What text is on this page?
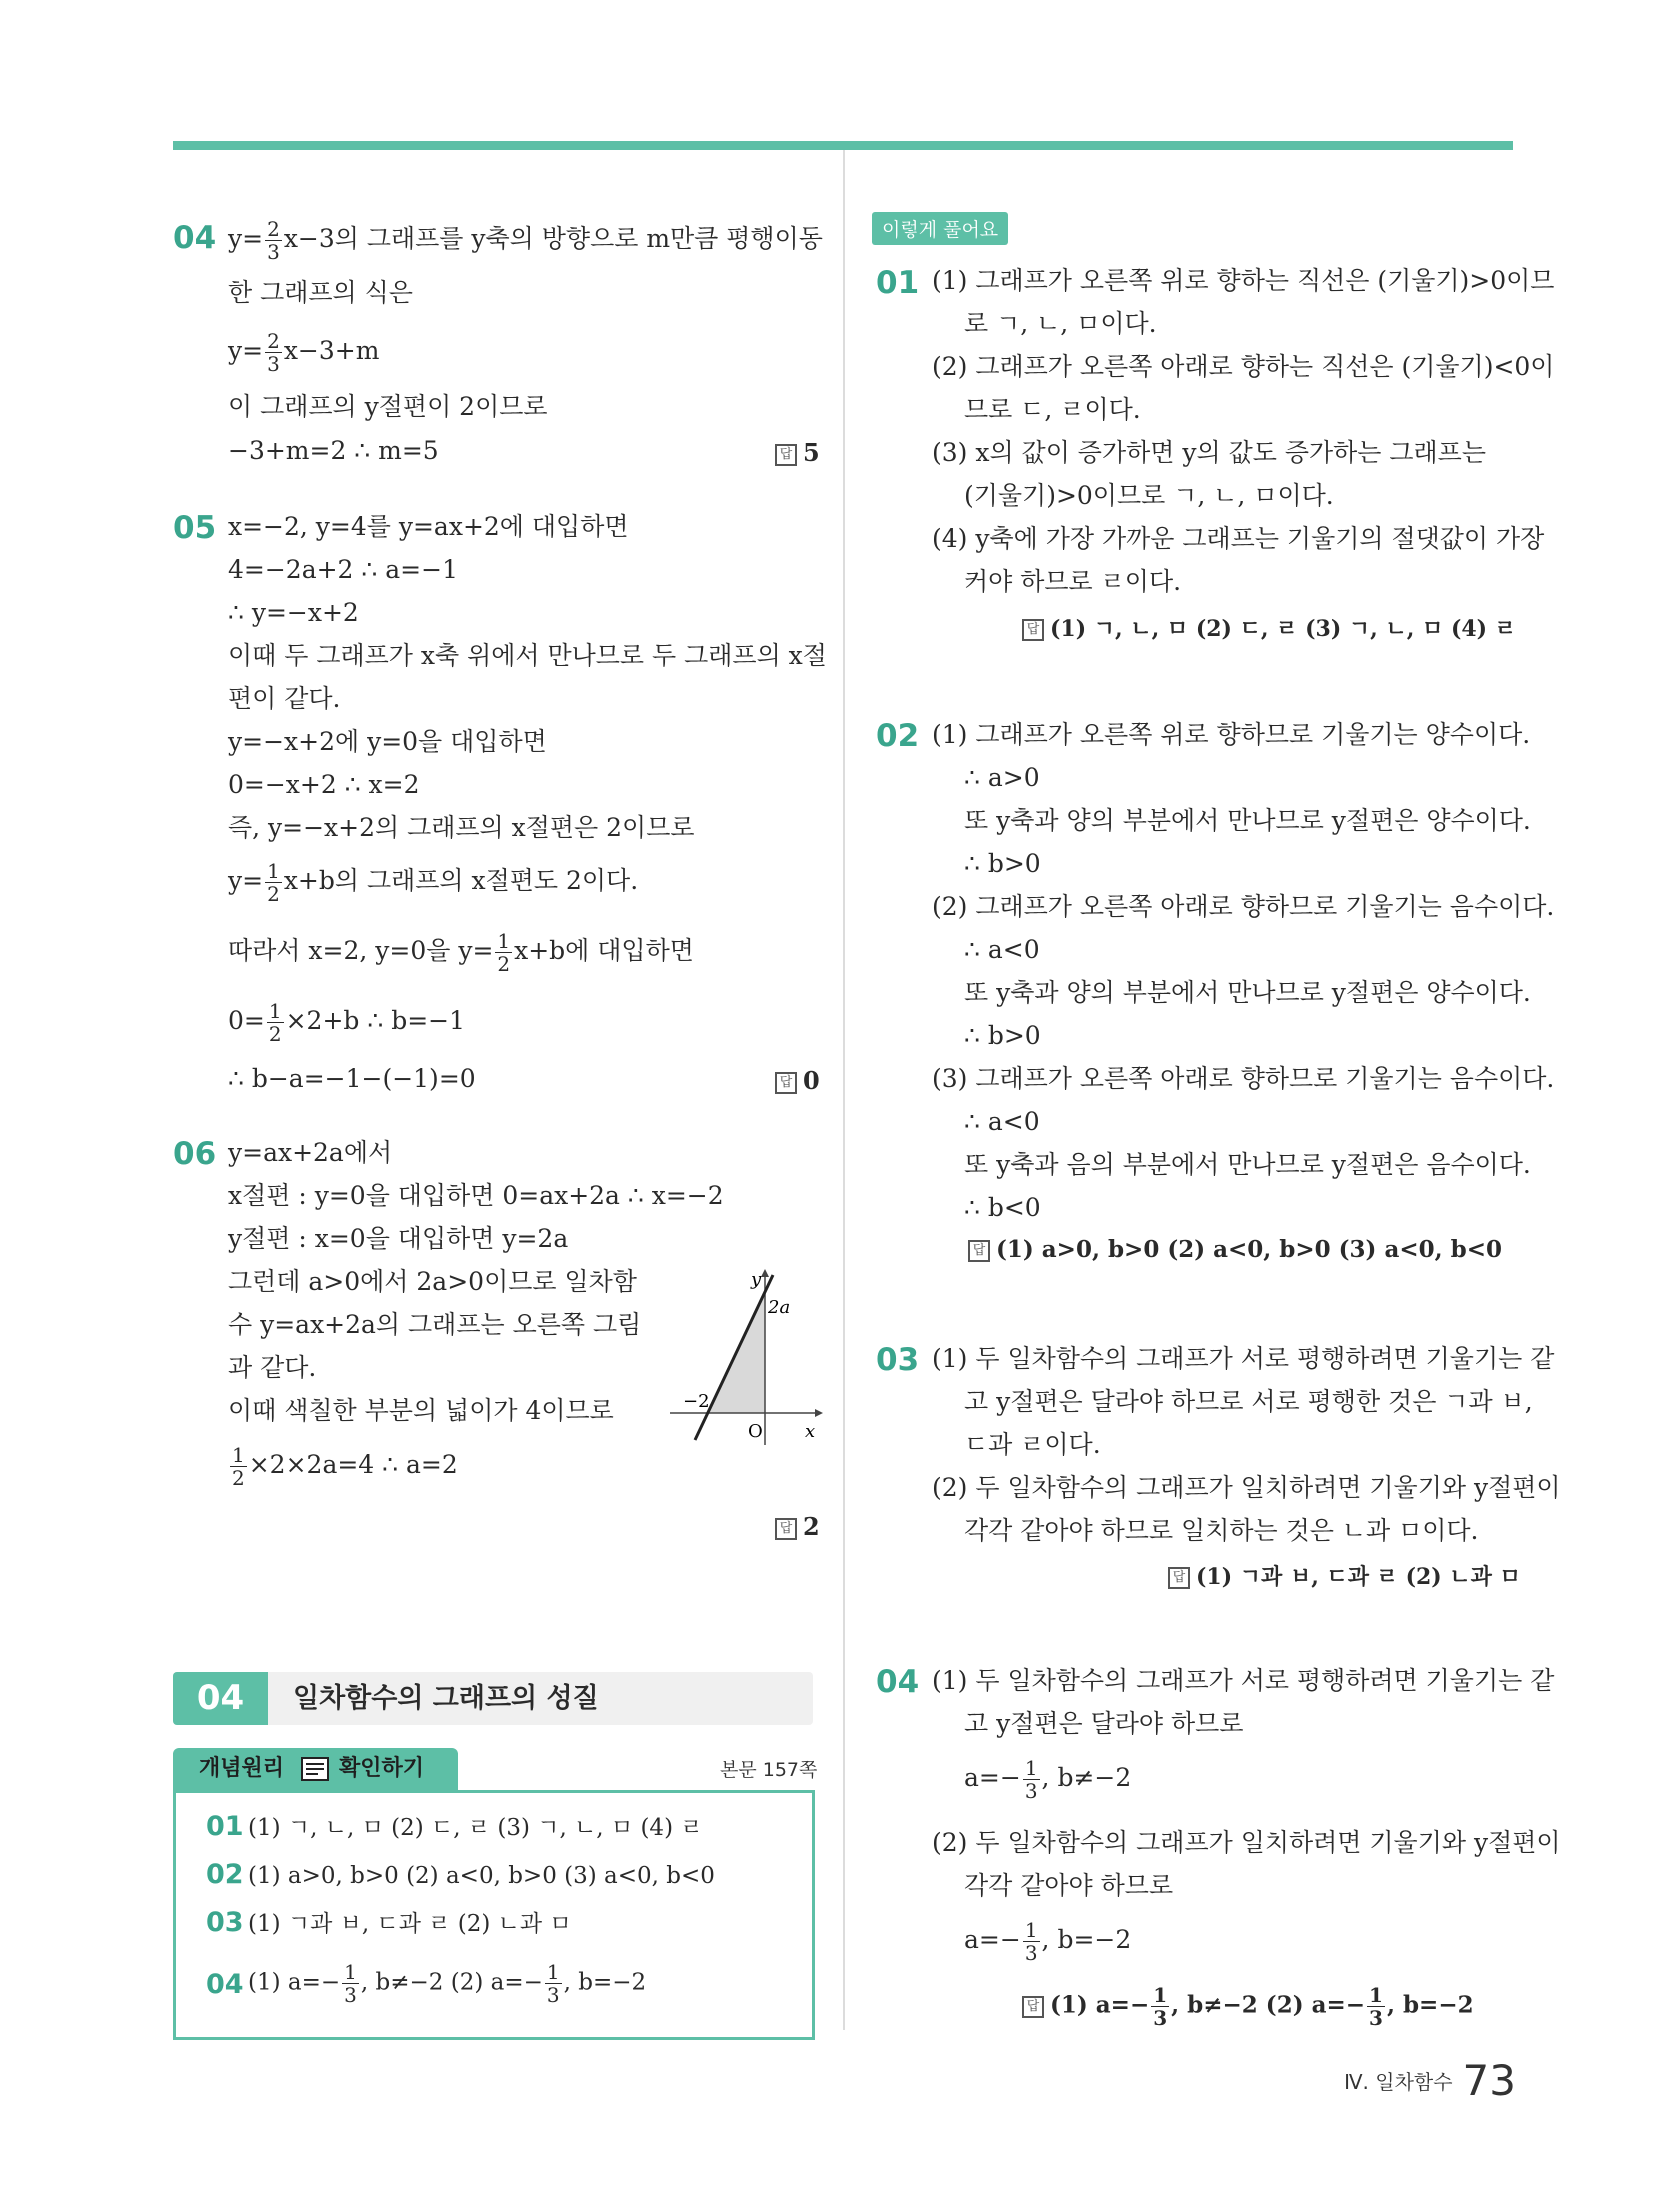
04 $y= \frac{2}{3} x-3$의 그래프를 y축의 방향으로 m만큼 평행이동
한 그래프의 식은
$y= \frac{2}{3} x-3+m$
이 그래프의 y절편이 2이므로
−3+m=2 ∴ m=5	답 5
05 x=−2, y=4를 y=ax+2에 대입하면
4=−2a+2 ∴ a=−1
∴ y=−x+2
이때 두 그래프가 x축 위에서 만나므로 두 그래프의 x절
편이 같다.
y=−x+2에 y=0을 대입하면
0=−x+2 ∴ x=2
즉, y=−x+2의 그래프의 x절편은 2이므로
$y= \frac{1}{2} x+b$의 그래프의 x절편도 2이다.
따라서 x=2, y=0을 $y= \frac{1}{2} x+b$에 대입하면
$0= \frac{1}{2} \times 2+b$ ∴ b=−1
∴ b−a=−1−(−1)=0	답 0
06 y=ax+2a에서
x절편 : y=0을 대입하면 0=ax+2a ∴ x=−2
y절편 : x=0을 대입하면 y=2a
그런데 a>0에서 2a>0이므로 일차함
수 y=ax+2a의 그래프는 오른쪽 그림
과 같다.
이때 색칠한 부분의 넓이가 4이므로
$\frac{1}{2} \times 2\times 2a=4$ ∴ a=2
답 2
y
x
O
−2
2a
04	일차함수의 그래프의 성질
개념원리 확인하기	본문 157쪽
01 (1) ㄱ, ㄴ, ㅁ (2) ㄷ, ㄹ (3) ㄱ, ㄴ, ㅁ (4) ㄹ
02 (1) a>0, b>0 (2) a<0, b>0 (3) a<0, b<0
03 (1) ㄱ과 ㅂ, ㄷ과 ㄹ (2) ㄴ과 ㅁ
04 (1) $a=- \frac{1}{3}$ , b≠−2 (2) $a=- \frac{1}{3}$ , b=−2
이렇게 풀어요
01 (1) 그래프가 오른쪽 위로 향하는 직선은 (기울기)>0이므
로 ㄱ, ㄴ, ㅁ이다.
(2) 그래프가 오른쪽 아래로 향하는 직선은 (기울기)<0이
므로 ㄷ, ㄹ이다.
(3) x의 값이 증가하면 y의 값도 증가하는 그래프는
(기울기)>0이므로 ㄱ, ㄴ, ㅁ이다.
(4) y축에 가장 가까운 그래프는 기울기의 절댓값이 가장
커야 하므로 ㄹ이다.
답 (1) ㄱ, ㄴ, ㅁ (2) ㄷ, ㄹ (3) ㄱ, ㄴ, ㅁ (4) ㄹ
02 (1) 그래프가 오른쪽 위로 향하므로 기울기는 양수이다.
∴ a>0
또 y축과 양의 부분에서 만나므로 y절편은 양수이다.
∴ b>0
(2) 그래프가 오른쪽 아래로 향하므로 기울기는 음수이다.
∴ a<0
또 y축과 양의 부분에서 만나므로 y절편은 양수이다.
∴ b>0
(3) 그래프가 오른쪽 아래로 향하므로 기울기는 음수이다.
∴ a<0
또 y축과 음의 부분에서 만나므로 y절편은 음수이다.
∴ b<0
답 (1) a>0, b>0 (2) a<0, b>0 (3) a<0, b<0
03 (1) 두 일차함수의 그래프가 서로 평행하려면 기울기는 같
고 y절편은 달라야 하므로 서로 평행한 것은 ㄱ과 ㅂ,
ㄷ과 ㄹ이다.
(2) 두 일차함수의 그래프가 일치하려면 기울기와 y절편이
각각 같아야 하므로 일치하는 것은 ㄴ과 ㅁ이다.
답 (1) ㄱ과 ㅂ, ㄷ과 ㄹ (2) ㄴ과 ㅁ
04 (1) 두 일차함수의 그래프가 서로 평행하려면 기울기는 같
고 y절편은 달라야 하므로
$a=- \frac{1}{3}$ , b≠−2
(2) 두 일차함수의 그래프가 일치하려면 기울기와 y절편이
각각 같아야 하므로
$a=- \frac{1}{3}$ , b=−2
답 (1) $a=- \frac{1}{3}$ , b≠−2 (2) $a=- \frac{1}{3}$ , b=−2
Ⅳ. 일차함수 73
